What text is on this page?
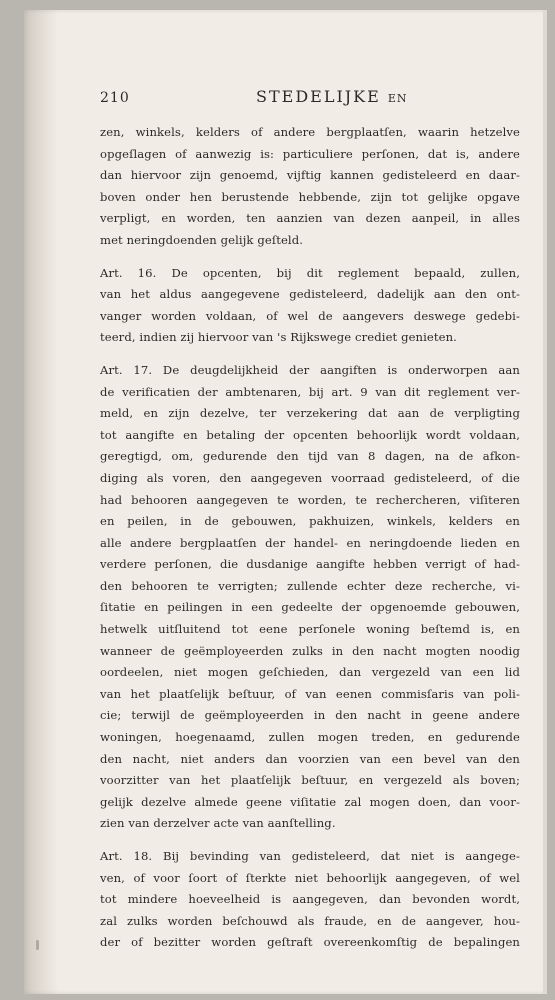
210	STEDELIJKE EN
zen, winkels, kelders of andere bergplaatſen, waarin hetzelve
opgeſlagen of aanwezig is: particuliere perſonen, dat is, andere
dan hiervoor zijn genoemd, vijftig kannen gedisteleerd en daar-
boven onder hen berustende hebbende, zijn tot gelijke opgave
verpligt, en worden, ten aanzien van dezen aanpeil, in alles
met neringdoenden gelijk geſteld.
Art. 16. De opcenten, bij dit reglement bepaald, zullen,
van het aldus aangegevene gedisteleerd, dadelijk aan den ont-
vanger worden voldaan, of wel de aangevers deswege gedebi-
teerd, indien zij hiervoor van 's Rijkswege crediet genieten.
Art. 17. De deugdelijkheid der aangiften is onderworpen aan
de verificatien der ambtenaren, bij art. 9 van dit reglement ver-
meld, en zijn dezelve, ter verzekering dat aan de verpligting
tot aangifte en betaling der opcenten behoorlijk wordt voldaan,
geregtigd, om, gedurende den tijd van 8 dagen, na de afkon-
diging als voren, den aangegeven voorraad gedisteleerd, of die
had behooren aangegeven te worden, te rechercheren, viſiteren
en peilen, in de gebouwen, pakhuizen, winkels, kelders en
alle andere bergplaatſen der handel- en neringdoende lieden en
verdere perſonen, die dusdanige aangifte hebben verrigt of had-
den behooren te verrigten; zullende echter deze recherche, vi-
ſitatie en peilingen in een gedeelte der opgenoemde gebouwen,
hetwelk uitſluitend tot eene perſonele woning beſtemd is, en
wanneer de geëmployeerden zulks in den nacht mogten noodig
oordeelen, niet mogen geſchieden, dan vergezeld van een lid
van het plaatſelijk beſtuur, of van eenen commisſaris van poli-
cie; terwijl de geëmployeerden in den nacht in geene andere
woningen, hoegenaamd, zullen mogen treden, en gedurende
den nacht, niet anders dan voorzien van een bevel van den
voorzitter van het plaatſelijk beſtuur, en vergezeld als boven;
gelijk dezelve almede geene viſitatie zal mogen doen, dan voor-
zien van derzelver acte van aanſtelling.
Art. 18. Bij bevinding van gedisteleerd, dat niet is aangege-
ven, of voor ſoort of ſterkte niet behoorlijk aangegeven, of wel
tot mindere hoeveelheid is aangegeven, dan bevonden wordt,
zal zulks worden beſchouwd als fraude, en de aangever, hou-
der of bezitter worden geſtraft overeenkomſtig de bepalingen
